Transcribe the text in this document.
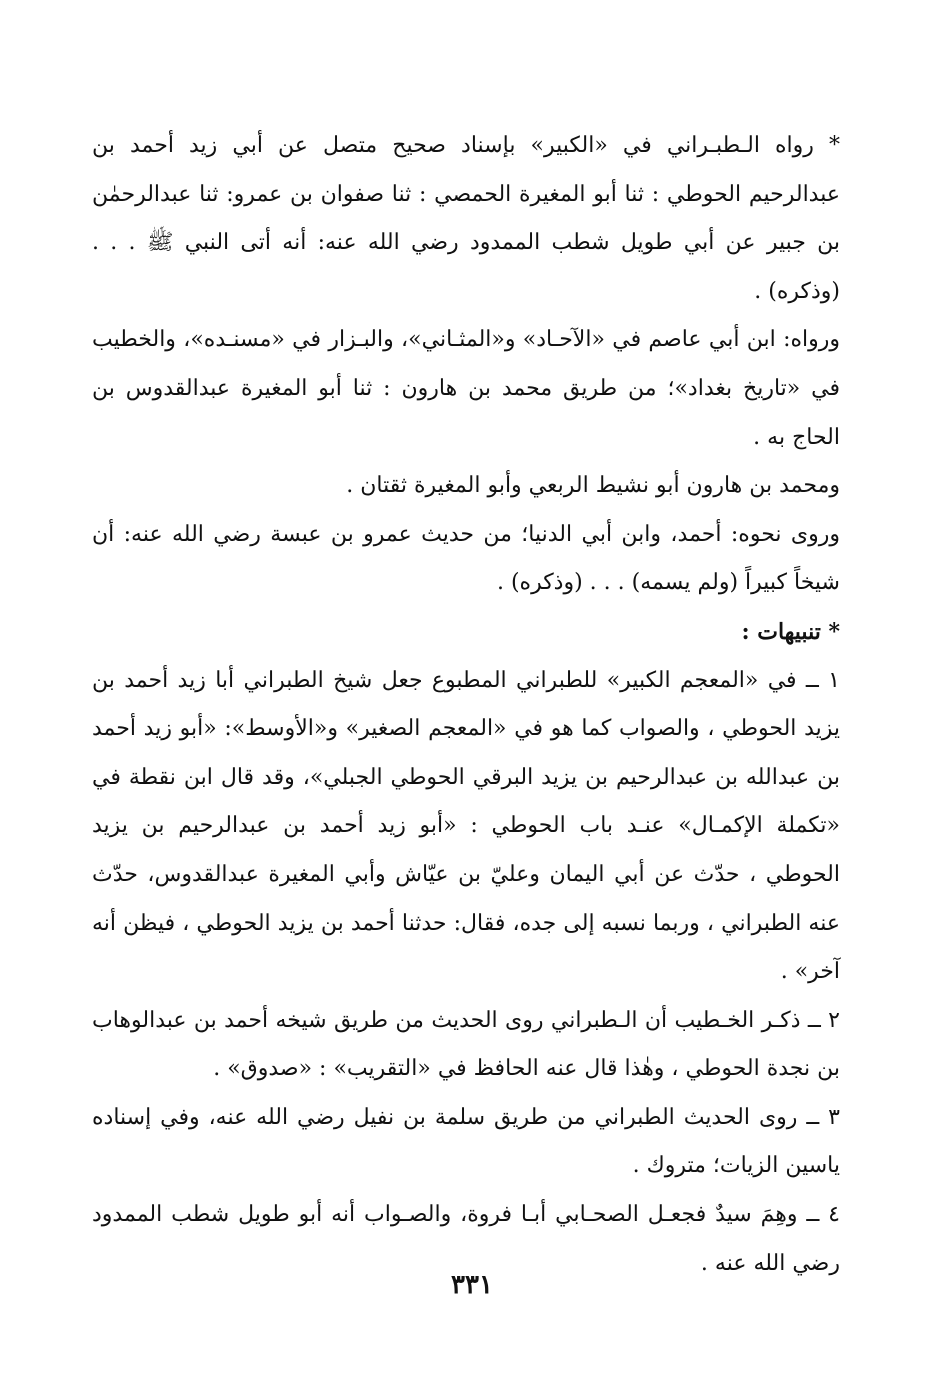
* رواه الـطبـراني في «الكبير» بإسناد صحيح متصل عن أبي زيد أحمد بن عبدالرحيم الحوطي : ثنا أبو المغيرة الحمصي : ثنا صفوان بن عمرو: ثنا عبدالرحمٰن بن جبير عن أبي طويل شطب الممدود رضي الله عنه: أنه أتى النبي ﷺ . . . (وذكره) .

ورواه: ابن أبي عاصم في «الآحـاد» و«المثـاني»، والبـزار في «مسنـده»، والخطيب في «تاريخ بغداد»؛ من طريق محمد بن هارون : ثنا أبو المغيرة عبدالقدوس بن الحاج به .

ومحمد بن هارون أبو نشيط الربعي وأبو المغيرة ثقتان .

وروى نحوه: أحمد، وابن أبي الدنيا؛ من حديث عمرو بن عبسة رضي الله عنه: أن شيخاً كبيراً (ولم يسمه) . . . (وذكره) .

* تنبيهات :

١ ــ في «المعجم الكبير» للطبراني المطبوع جعل شيخ الطبراني أبا زيد أحمد بن يزيد الحوطي ، والصواب كما هو في «المعجم الصغير» و«الأوسط»: «أبو زيد أحمد بن عبدالله بن عبدالرحيم بن يزيد البرقي الحوطي الجبلي»، وقد قال ابن نقطة في «تكملة الإكمـال» عنـد باب الحوطي : «أبو زيد أحمد بن عبدالرحيم بن يزيد الحوطي ، حدّث عن أبي اليمان وعليّ بن عيّاش وأبي المغيرة عبدالقدوس، حدّث عنه الطبراني ، وربما نسبه إلى جده، فقال: حدثنا أحمد بن يزيد الحوطي ، فيظن أنه آخر» .

٢ ــ ذكـر الخـطيب أن الـطبراني روى الحديث من طريق شيخه أحمد بن عبدالوهاب بن نجدة الحوطي ، وهٰذا قال عنه الحافظ في «التقريب» : «صدوق» .

٣ ــ روى الحديث الطبراني من طريق سلمة بن نفيل رضي الله عنه، وفي إسناده ياسين الزيات؛ متروك .

٤ ــ وهِمَ سيدٌ فجعـل الصحـابي أبـا فروة، والصـواب أنه أبو طويل شطب الممدود رضي الله عنه .

٣٣١
